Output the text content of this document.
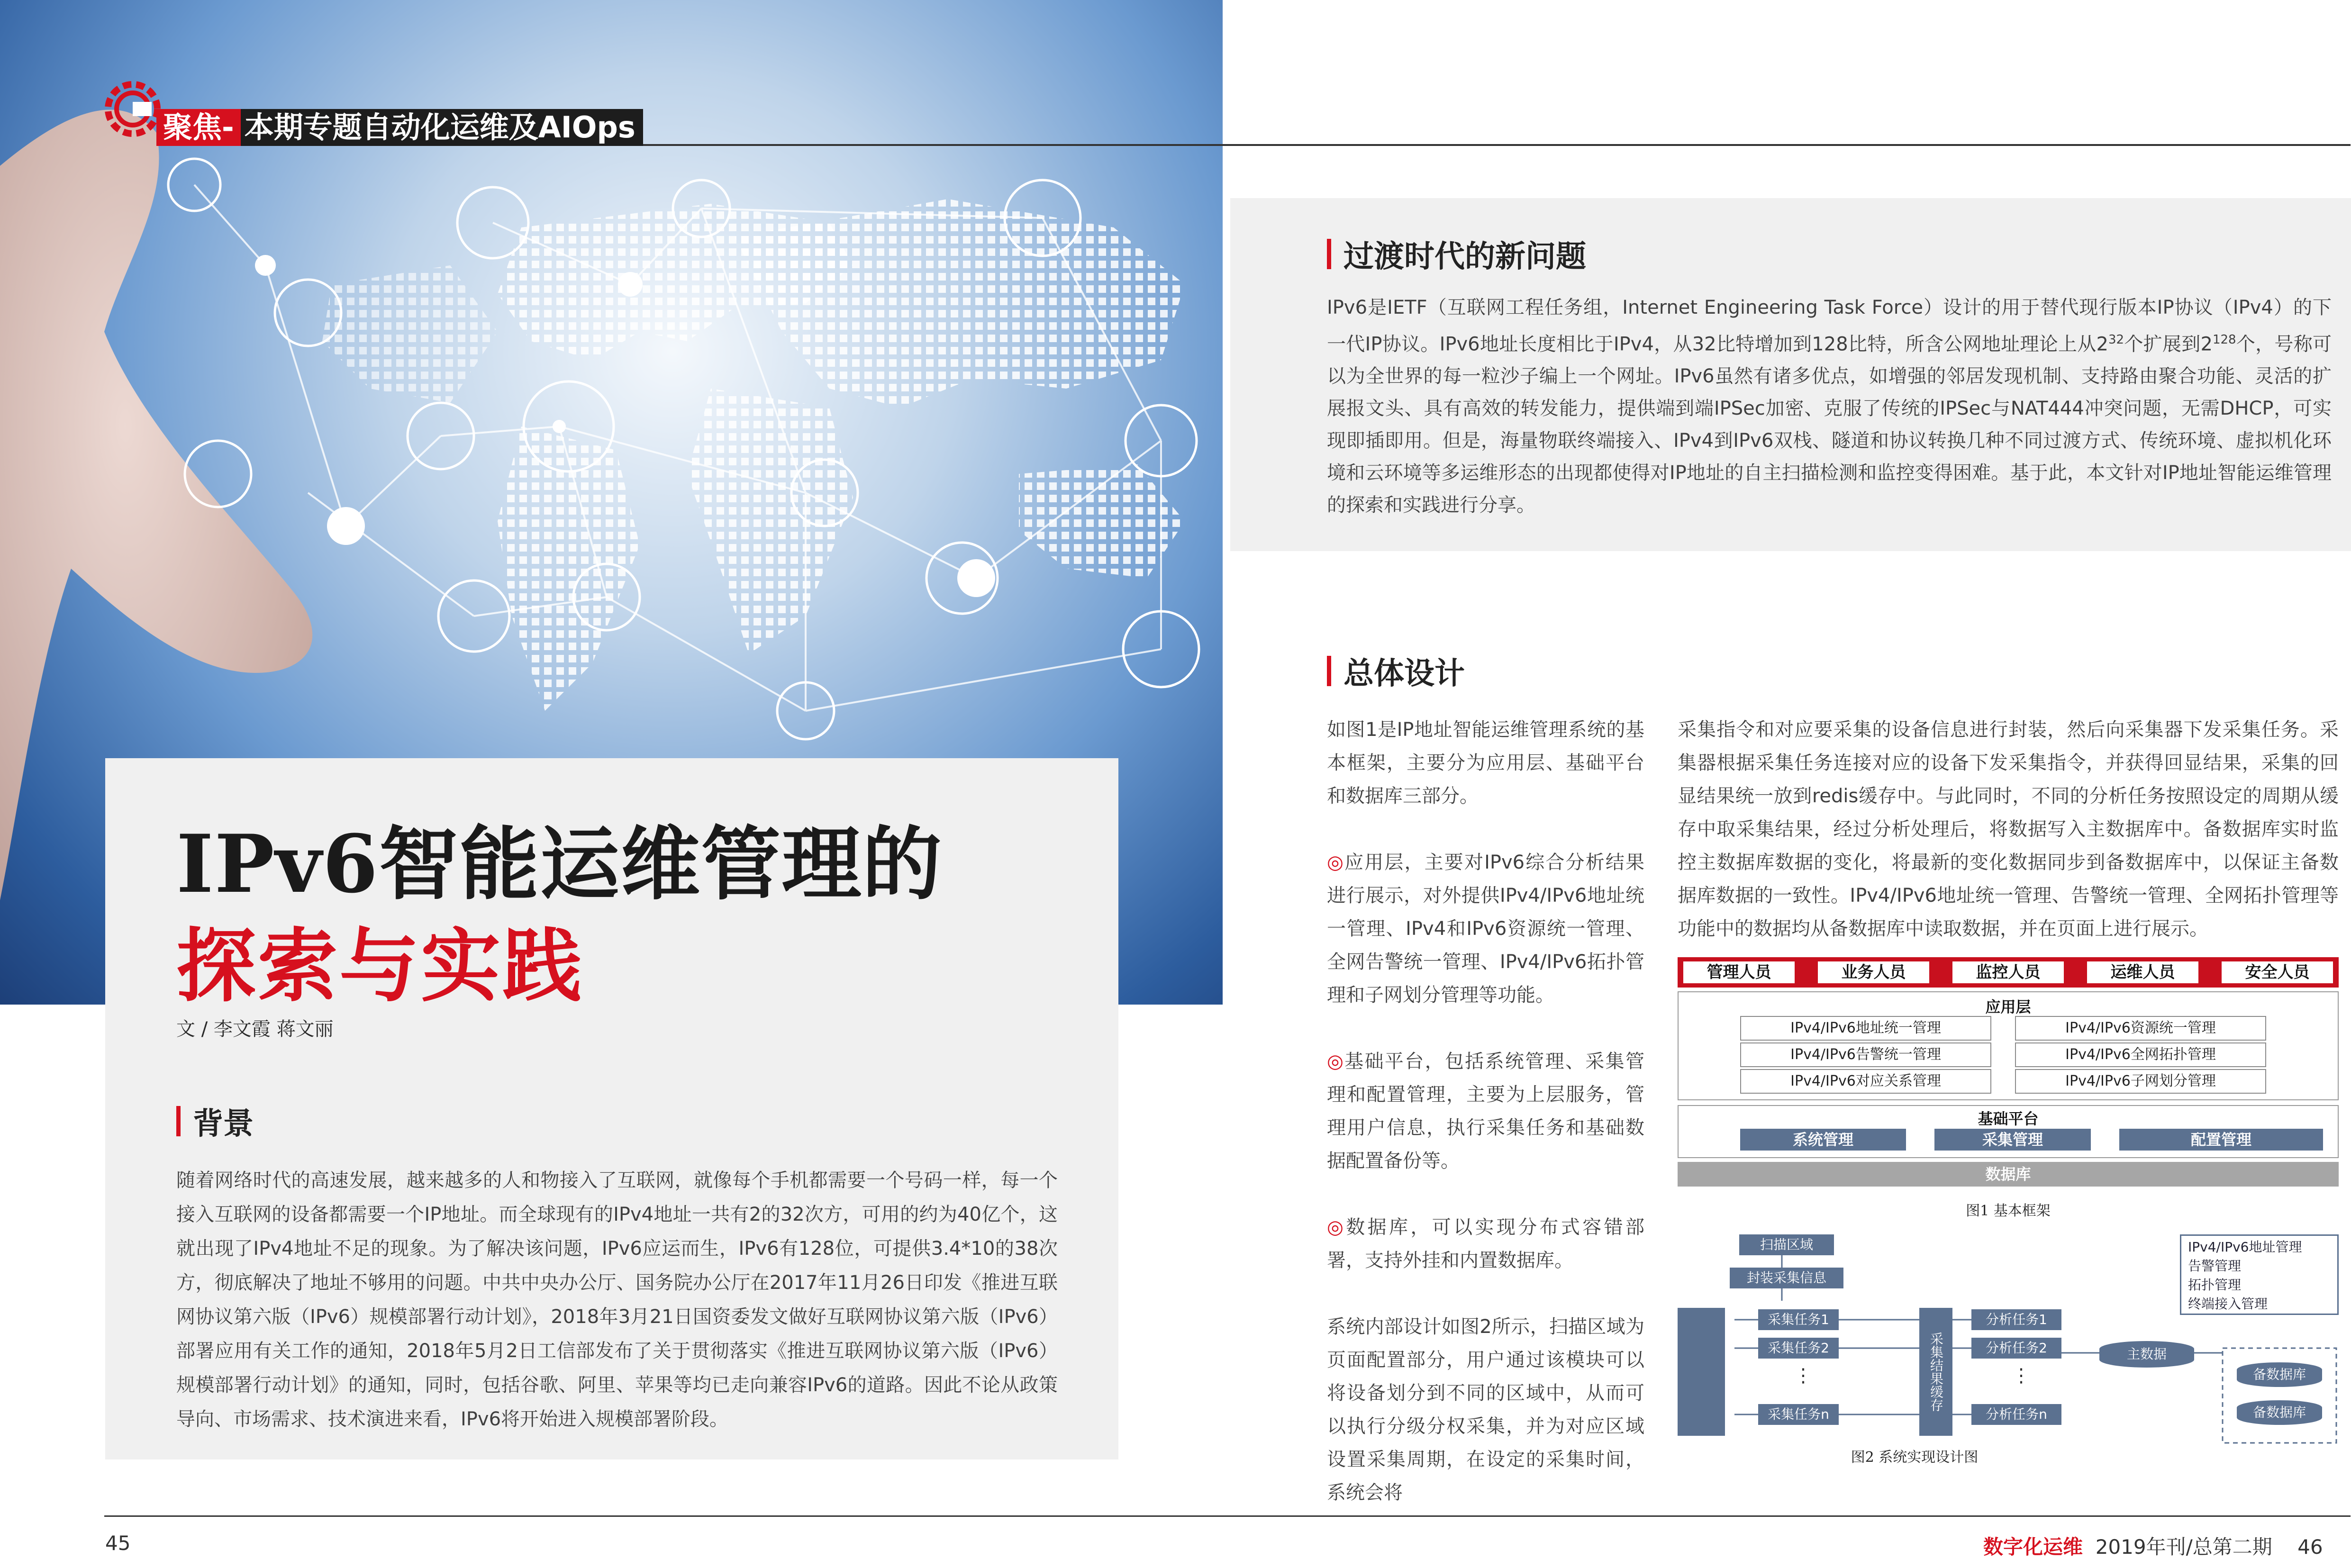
聚焦- 本期专题自动化运维及AIOps
IPv6智能运维管理的
探索与实践
文 / 李文霞 蒋文丽
背景
随着网络时代的高速发展，越来越多的人和物接入了互联网，就像每个手机都需要一个号码一样，每一个接入互联网的设备都需要一个IP地址。而全球现有的IPv4地址一共有2的32次方，可用的约为40亿个，这就出现了IPv4地址不足的现象。为了解决该问题，IPv6应运而生，IPv6有128位，可提供3.4*10的38次方，彻底解决了地址不够用的问题。中共中央办公厅、国务院办公厅在2017年11月26日印发《推进互联网协议第六版（IPv6）规模部署行动计划》，2018年3月21日国资委发文做好互联网协议第六版（IPv6）部署应用有关工作的通知，2018年5月2日工信部发布了关于贯彻落实《推进互联网协议第六版（IPv6）规模部署行动计划》的通知，同时，包括谷歌、阿里、苹果等均已走向兼容IPv6的道路。因此不论从政策导向、市场需求、技术演进来看，IPv6将开始进入规模部署阶段。
过渡时代的新问题
IPv6是IETF（互联网工程任务组，Internet Engineering Task Force）设计的用于替代现行版本IP协议（IPv4）的下一代IP协议。IPv6地址长度相比于IPv4，从32比特增加到128比特，所含公网地址理论上从$2^{32}$个扩展到$2^{128}$个，号称可以为全世界的每一粒沙子编上一个网址。IPv6虽然有诸多优点，如增强的邻居发现机制、支持路由聚合功能、灵活的扩展报文头、具有高效的转发能力，提供端到端IPSec加密、克服了传统的IPSec与NAT444冲突问题，无需DHCP，可实现即插即用。但是，海量物联终端接入、IPv4到IPv6双栈、隧道和协议转换几种不同过渡方式、传统环境、虚拟机化环境和云环境等多运维形态的出现都使得对IP地址的自主扫描检测和监控变得困难。基于此，本文针对IP地址智能运维管理的探索和实践进行分享。
总体设计

如图1是IP地址智能运维管理系统的基本框架，主要分为应用层、基础平台和数据库三部分。

◎应用层，主要对IPv6综合分析结果进行展示，对外提供IPv4/IPv6地址统一管理、IPv4和IPv6资源统一管理、全网告警统一管理、IPv4/IPv6拓扑管理和子网划分管理等功能。

◎基础平台，包括系统管理、采集管理和配置管理，主要为上层服务，管理用户信息，执行采集任务和基础数据配置备份等。

◎数据库，可以实现分布式容错部署，支持外挂和内置数据库。

系统内部设计如图2所示，扫描区域为页面配置部分，用户通过该模块可以将设备划分到不同的区域中，从而可以执行分级分权采集，并为对应区域设置采集周期，在设定的采集时间，系统会将

采集指令和对应要采集的设备信息进行封装，然后向采集器下发采集任务。采集器根据采集任务连接对应的设备下发采集指令，并获得回显结果，采集的回显结果统一放到redis缓存中。与此同时，不同的分析任务按照设定的周期从缓存中取采集结果，经过分析处理后，将数据写入主数据库中。备数据库实时监控主数据库数据的变化，将最新的变化数据同步到备数据库中，以保证主备数据库数据的一致性。IPv4/IPv6地址统一管理、告警统一管理、全网拓扑管理等功能中的数据均从备数据库中读取数据，并在页面上进行展示。
管理人员	业务人员	监控人员	运维人员	安全人员
应用层
IPv4/IPv6地址统一管理	IPv4/IPv6资源统一管理
IPv4/IPv6告警统一管理	IPv4/IPv6全网拓扑管理
IPv4/IPv6对应关系管理	IPv4/IPv6子网划分管理
基础平台
系统管理	采集管理	配置管理
数据库
图1 基本框架
扫描区域
封装采集信息
设备
采集任务1
采集任务2
⋮
采集任务n
采集结果缓存
分析任务1
分析任务2
⋮
分析任务n
主数据
备数据库
备数据库
IPv4/IPv6地址管理
告警管理
拓扑管理
终端接入管理
图2 系统实现设计图
45	数字化运维 2019年刊/总第二期 46
